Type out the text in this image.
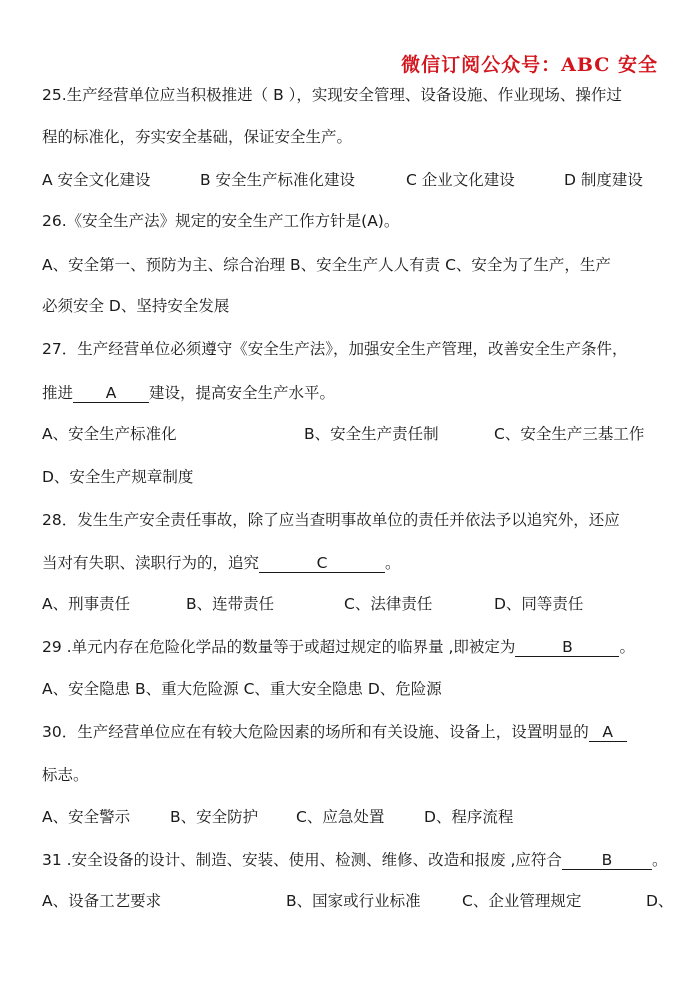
微信订阅公众号：ABC 安全
25.生产经营单位应当积极推进（ B ），实现安全管理、设备设施、作业现场、操作过
程的标准化，夯实安全基础，保证安全生产。
A 安全文化建设	B 安全生产标准化建设	C 企业文化建设	D 制度建设
26.《安全生产法》规定的安全生产工作方针是(A)。
A、安全第一、预防为主、综合治理 B、安全生产人人有责 C、安全为了生产，生产
必须安全 D、坚持安全发展
27．生产经营单位必须遵守《安全生产法》，加强安全生产管理，改善安全生产条件，
推进 A 建设，提高安全生产水平。
A、安全生产标准化	B、安全生产责任制	C、安全生产三基工作
D、安全生产规章制度
28．发生生产安全责任事故，除了应当查明事故单位的责任并依法予以追究外，还应
当对有失职、渎职行为的，追究	C	。
A、刑事责任	B、连带责任	C、法律责任	D、同等责任
29 .单元内存在危险化学品的数量等于或超过规定的临界量 ,即被定为	B	。
A、安全隐患 B、重大危险源 C、重大安全隐患 D、危险源
30．生产经营单位应在有较大危险因素的场所和有关设施、设备上，设置明显的 A
标志。
A、安全警示	B、安全防护 C、应急处置	D、程序流程
31 .安全设备的设计、制造、安装、使用、检测、维修、改造和报废 ,应符合	B	。
A、设备工艺要求	B、国家或行业标准	C、企业管理规定	D、
